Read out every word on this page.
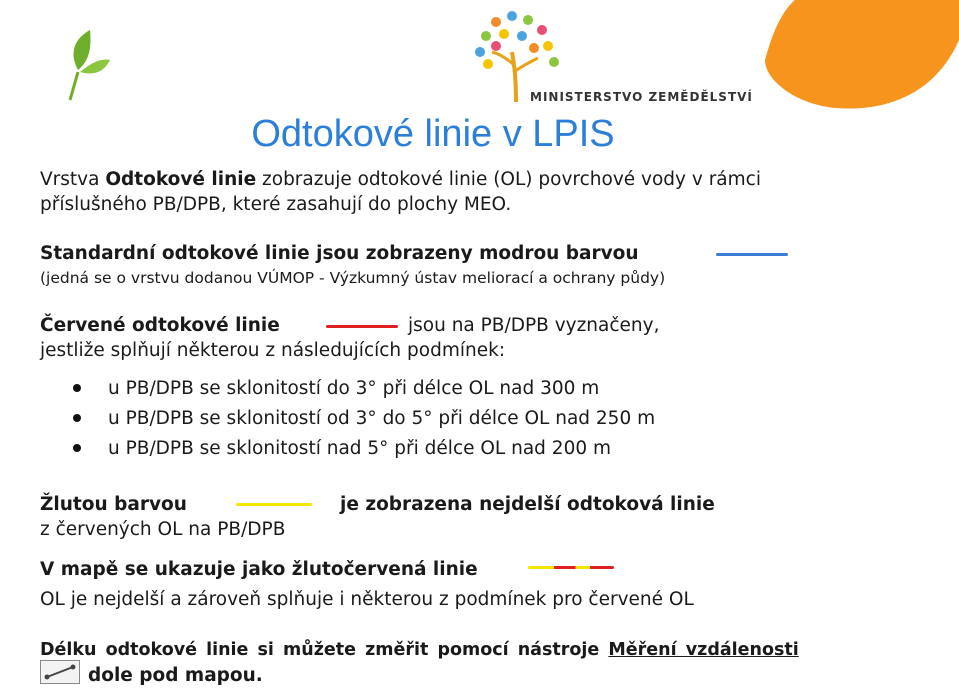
MINISTERSTVO ZEMĚDĚLSTVÍ
Odtokové linie v LPIS
Vrstva Odtokové linie zobrazuje odtokové linie (OL) povrchové vody v rámci
příslušného PB/DPB, které zasahují do plochy MEO.
Standardní odtokové linie jsou zobrazeny modrou barvou
(jedná se o vrstvu dodanou VÚMOP - Výzkumný ústav meliorací a ochrany půdy)
Červené odtokové linie	jsou na PB/DPB vyznačeny,
jestliže splňují některou z následujících podmínek:
u PB/DPB se sklonitostí do 3° při délce OL nad 300 m
u PB/DPB se sklonitostí od 3° do 5° při délce OL nad 250 m
u PB/DPB se sklonitostí nad 5° při délce OL nad 200 m
Žlutou barvou	je zobrazena nejdelší odtoková linie
z červených OL na PB/DPB
V mapě se ukazuje jako žlutočervená linie
OL je nejdelší a zároveň splňuje i některou z podmínek pro červené OL
Délku odtokové linie si můžete změřit pomocí nástroje Měření vzdálenosti
dole pod mapou.
